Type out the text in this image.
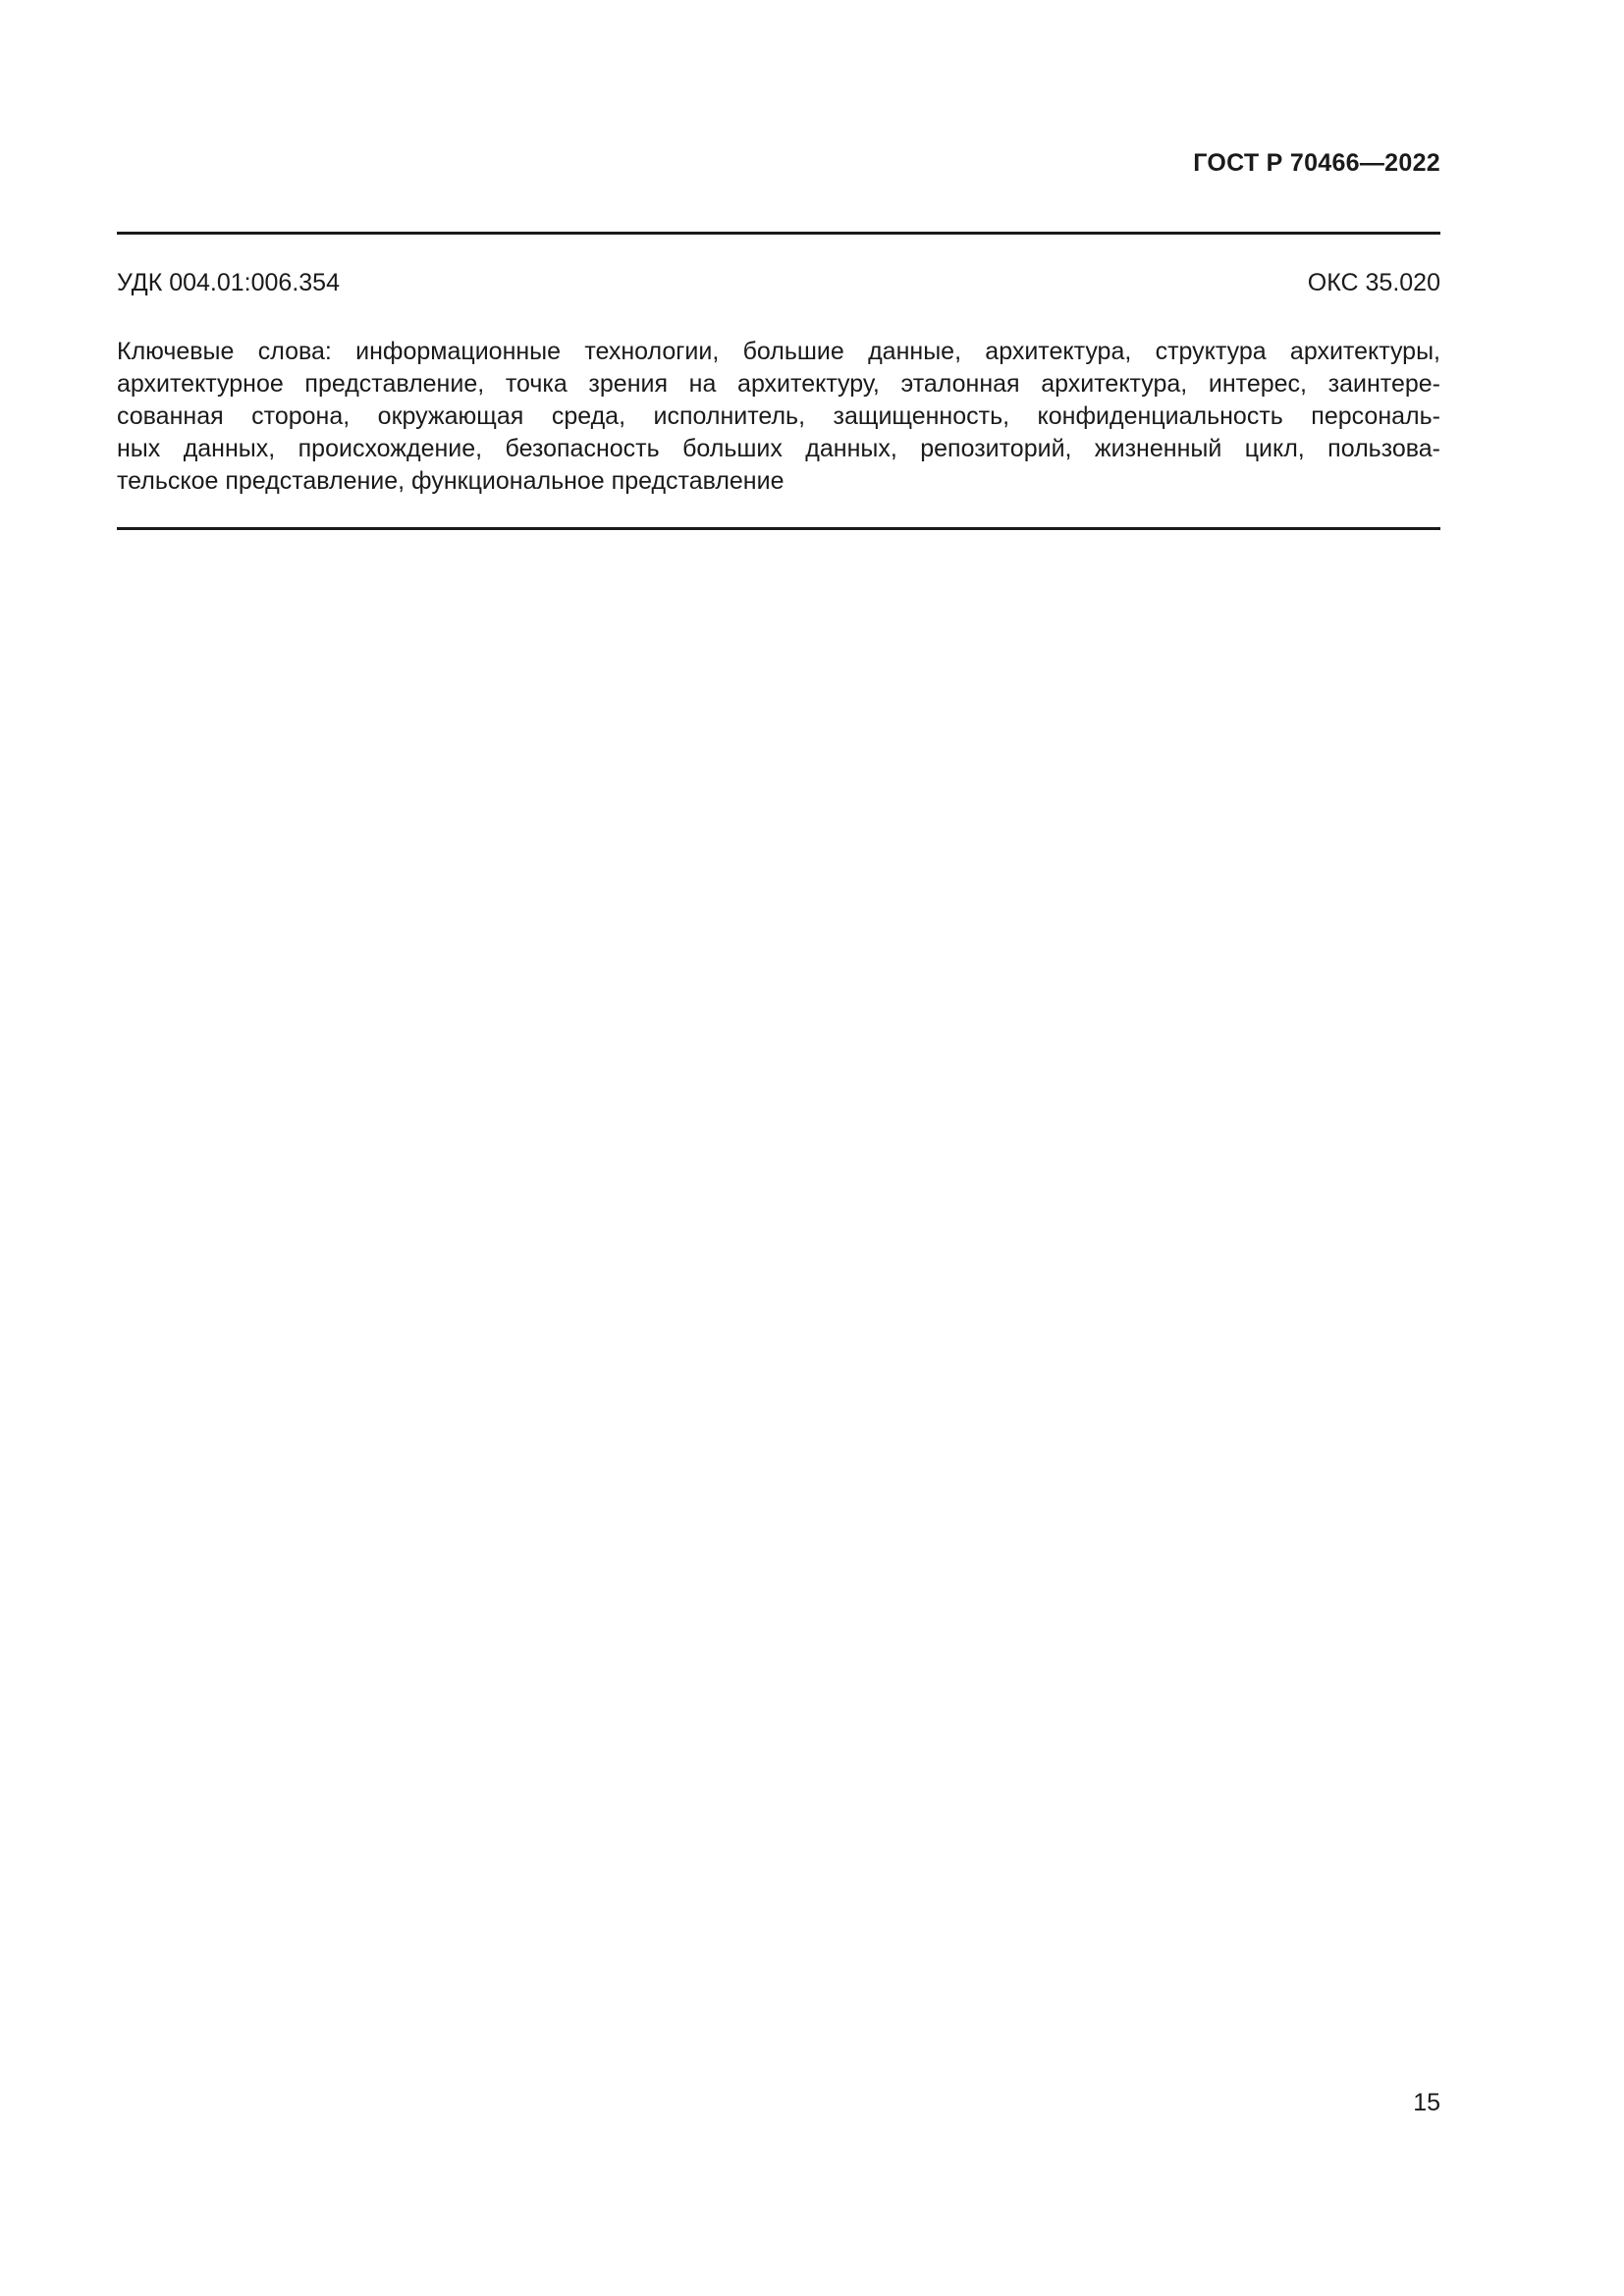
ГОСТ Р 70466—2022
УДК 004.01:006.354	ОКС 35.020

Ключевые слова: информационные технологии, большие данные, архитектура, структура архитектуры,
архитектурное представление, точка зрения на архитектуру, эталонная архитектура, интерес, заинтере-
сованная сторона, окружающая среда, исполнитель, защищенность, конфиденциальность персональ-
ных данных, происхождение, безопасность больших данных, репозиторий, жизненный цикл, пользова-
тельское представление, функциональное представление

15
